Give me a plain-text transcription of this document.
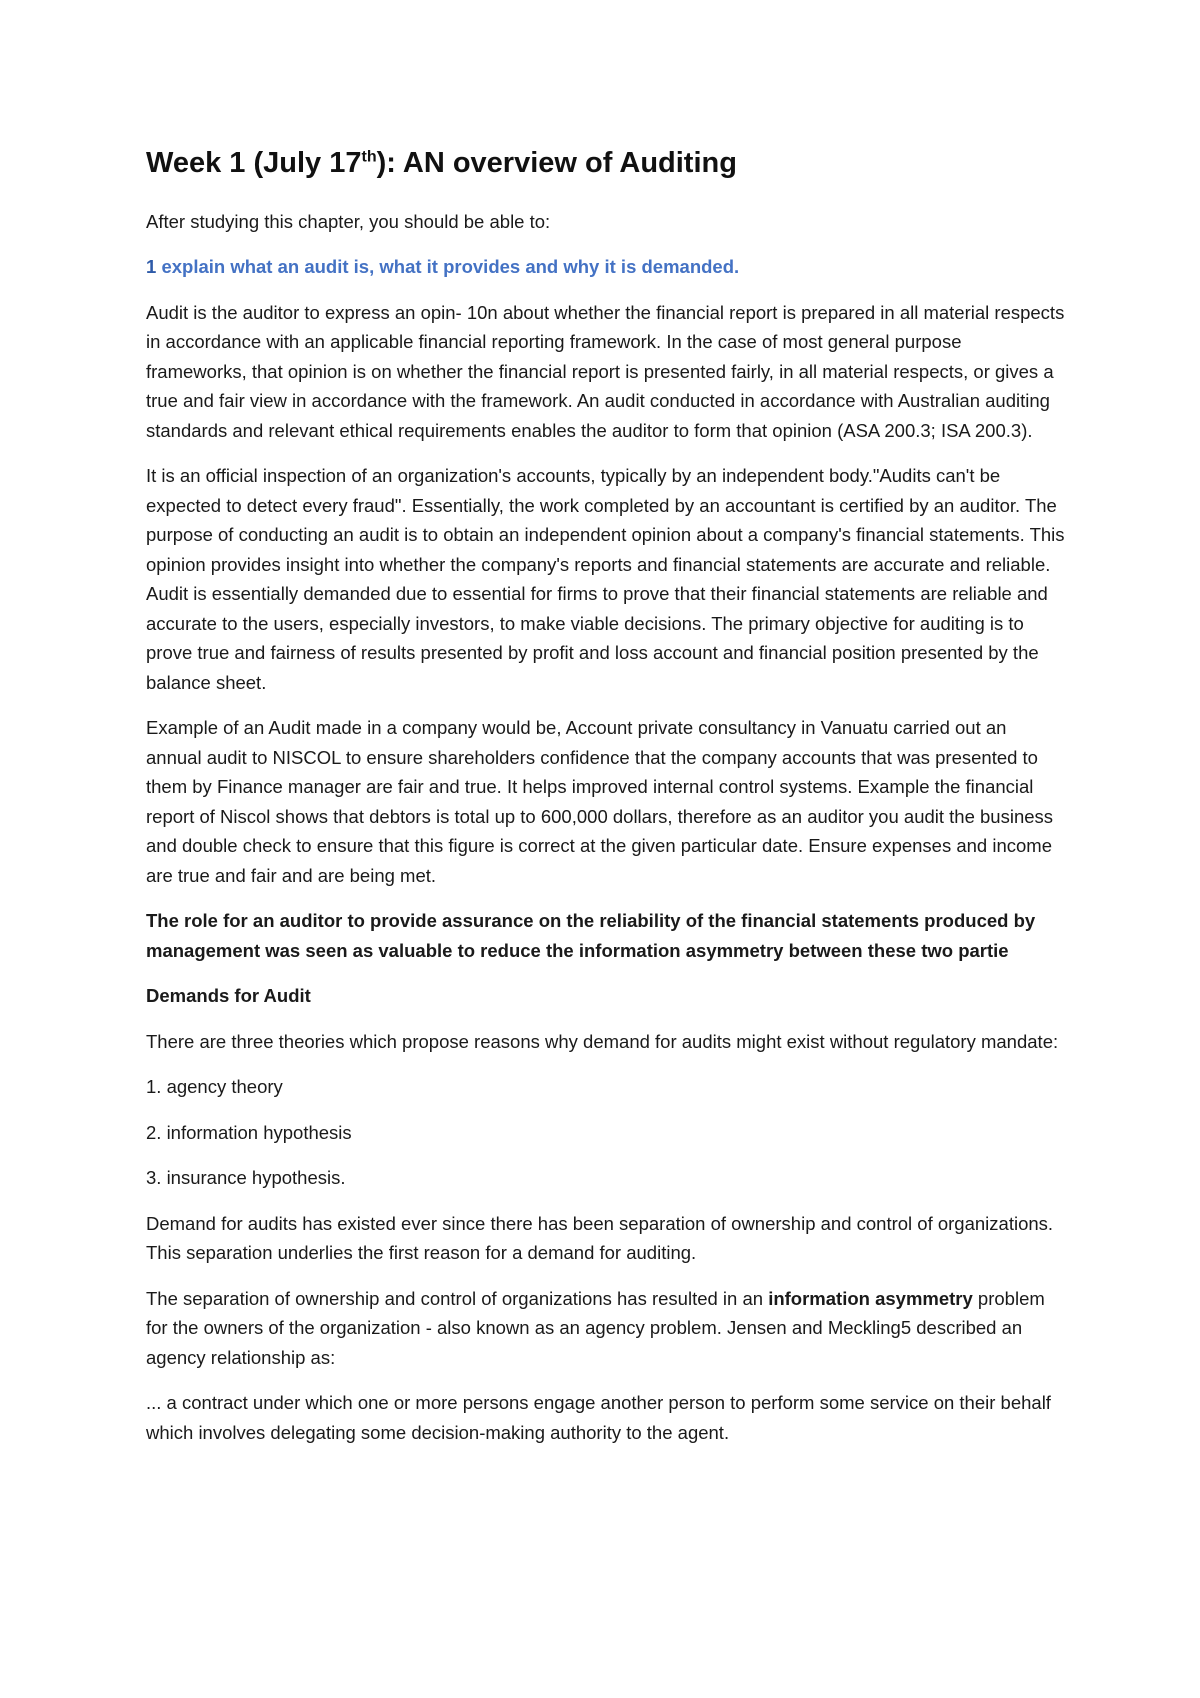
Week 1 (July 17th): AN overview of Auditing

After studying this chapter, you should be able to:

1 explain what an audit is, what it provides and why it is demanded.

Audit is the auditor to express an opin- 10n about whether the financial report is prepared in all material respects in accordance with an applicable financial reporting framework. In the case of most general purpose frameworks, that opinion is on whether the financial report is presented fairly, in all material respects, or gives a true and fair view in accordance with the framework. An audit conducted in accordance with Australian auditing standards and relevant ethical requirements enables the auditor to form that opinion (ASA 200.3; ISA 200.3).

It is an official inspection of an organization's accounts, typically by an independent body."Audits can't be expected to detect every fraud". Essentially, the work completed by an accountant is certified by an auditor. The purpose of conducting an audit is to obtain an independent opinion about a company's financial statements. This opinion provides insight into whether the company's reports and financial statements are accurate and reliable. Audit is essentially demanded due to essential for firms to prove that their financial statements are reliable and accurate to the users, especially investors, to make viable decisions. The primary objective for auditing is to prove true and fairness of results presented by profit and loss account and financial position presented by the balance sheet.

Example of an Audit made in a company would be, Account private consultancy in Vanuatu carried out an annual audit to NISCOL to ensure shareholders confidence that the company accounts that was presented to them by Finance manager are fair and true. It helps improved internal control systems. Example the financial report of Niscol shows that debtors is total up to 600,000 dollars, therefore as an auditor you audit the business and double check to ensure that this figure is correct at the given particular date. Ensure expenses and income are true and fair and are being met.

The role for an auditor to provide assurance on the reliability of the financial statements produced by management was seen as valuable to reduce the information asymmetry between these two partie

Demands for Audit

There are three theories which propose reasons why demand for audits might exist without regulatory mandate:

1. agency theory

2. information hypothesis

3. insurance hypothesis.

Demand for audits has existed ever since there has been separation of ownership and control of organizations. This separation underlies the first reason for a demand for auditing.

The separation of ownership and control of organizations has resulted in an information asymmetry problem for the owners of the organization - also known as an agency problem. Jensen and Meckling5 described an agency relationship as:

... a contract under which one or more persons engage another person to perform some service on their behalf which involves delegating some decision-making authority to the agent.
